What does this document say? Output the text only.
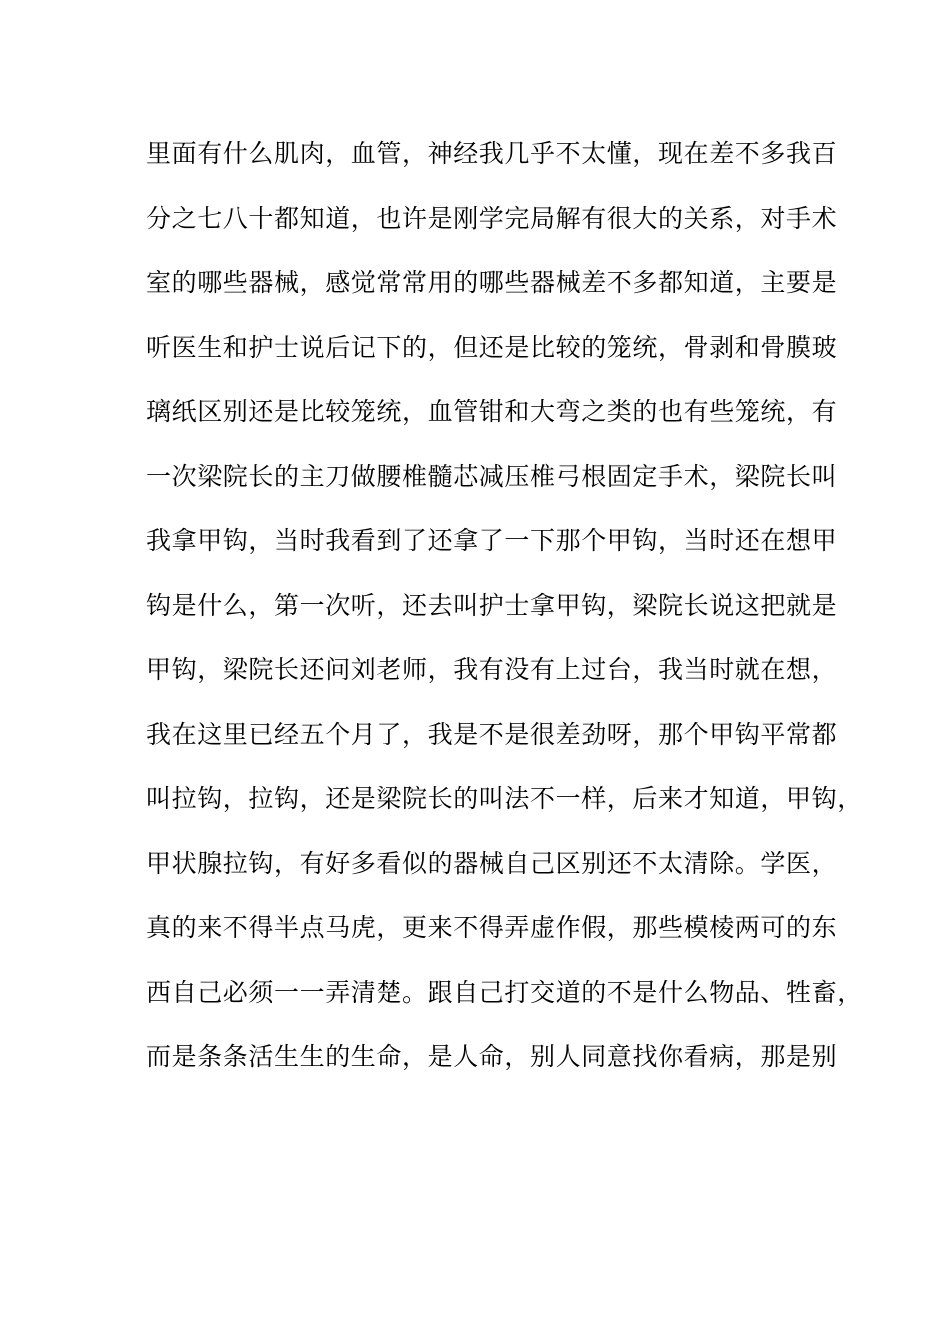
里面有什么肌肉，血管，神经我几乎不太懂，现在差不多我百
分之七八十都知道，也许是刚学完局解有很大的关系，对手术
室的哪些器械，感觉常常用的哪些器械差不多都知道，主要是
听医生和护士说后记下的，但还是比较的笼统，骨剥和骨膜玻
璃纸区别还是比较笼统，血管钳和大弯之类的也有些笼统，有
一次梁院长的主刀做腰椎髓芯减压椎弓根固定手术，梁院长叫
我拿甲钩，当时我看到了还拿了一下那个甲钩，当时还在想甲
钩是什么，第一次听，还去叫护士拿甲钩，梁院长说这把就是
甲钩，梁院长还问刘老师，我有没有上过台，我当时就在想，
我在这里已经五个月了，我是不是很差劲呀，那个甲钩平常都
叫拉钩，拉钩，还是梁院长的叫法不一样，后来才知道，甲钩，
甲状腺拉钩，有好多看似的器械自己区别还不太清除。学医，
真的来不得半点马虎，更来不得弄虚作假，那些模棱两可的东
西自己必须一一弄清楚。跟自己打交道的不是什么物品、牲畜，
而是条条活生生的生命，是人命，别人同意找你看病，那是别
